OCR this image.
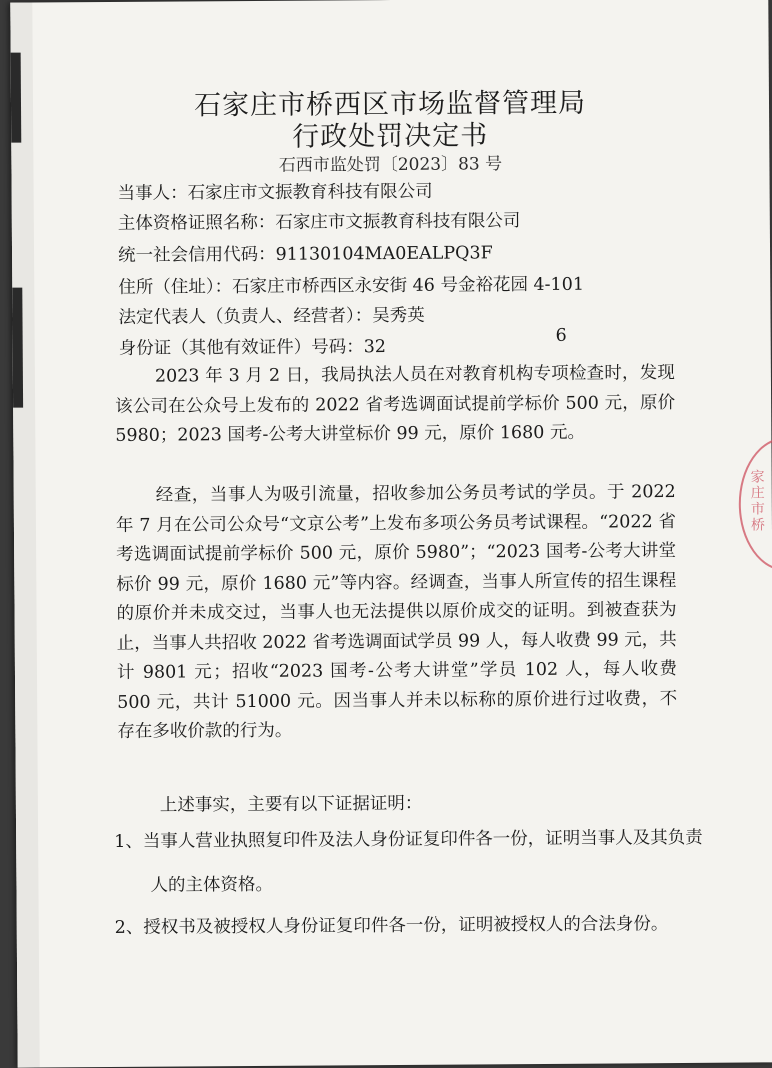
石家庄市桥西区市场监督管理局
行政处罚决定书
石西市监处罚〔2023〕83 号
当事人：石家庄市文振教育科技有限公司
主体资格证照名称：石家庄市文振教育科技有限公司
统一社会信用代码：91130104MA0EALPQ3F
住所（住址）：石家庄市桥西区永安街 46 号金裕花园 4-101
法定代表人（负责人、经营者）：吴秀英
身份证（其他有效证件）号码：32
6
2023 年 3 月 2 日，我局执法人员在对教育机构专项检查时，发现该公司在公众号上发布的 2022 省考选调面试提前学标价 500 元，原价 5980；2023 国考-公考大讲堂标价 99 元，原价 1680 元。
经查，当事人为吸引流量，招收参加公务员考试的学员。于 2022 年 7 月在公司公众号“文京公考”上发布多项公务员考试课程。“2022 省考选调面试提前学标价 500 元，原价 5980”；“2023 国考-公考大讲堂标价 99 元，原价 1680 元”等内容。经调查，当事人所宣传的招生课程的原价并未成交过，当事人也无法提供以原价成交的证明。到被查获为止，当事人共招收 2022 省考选调面试学员 99 人，每人收费 99 元，共计 9801 元；招收“2023 国考-公考大讲堂”学员 102 人，每人收费 500 元，共计 51000 元。因当事人并未以标称的原价进行过收费，不存在多收价款的行为。
上述事实，主要有以下证据证明：
1、当事人营业执照复印件及法人身份证复印件各一份，证明当事人及其负责人的主体资格。
2、授权书及被授权人身份证复印件各一份，证明被授权人的合法身份。
家庄市桥
